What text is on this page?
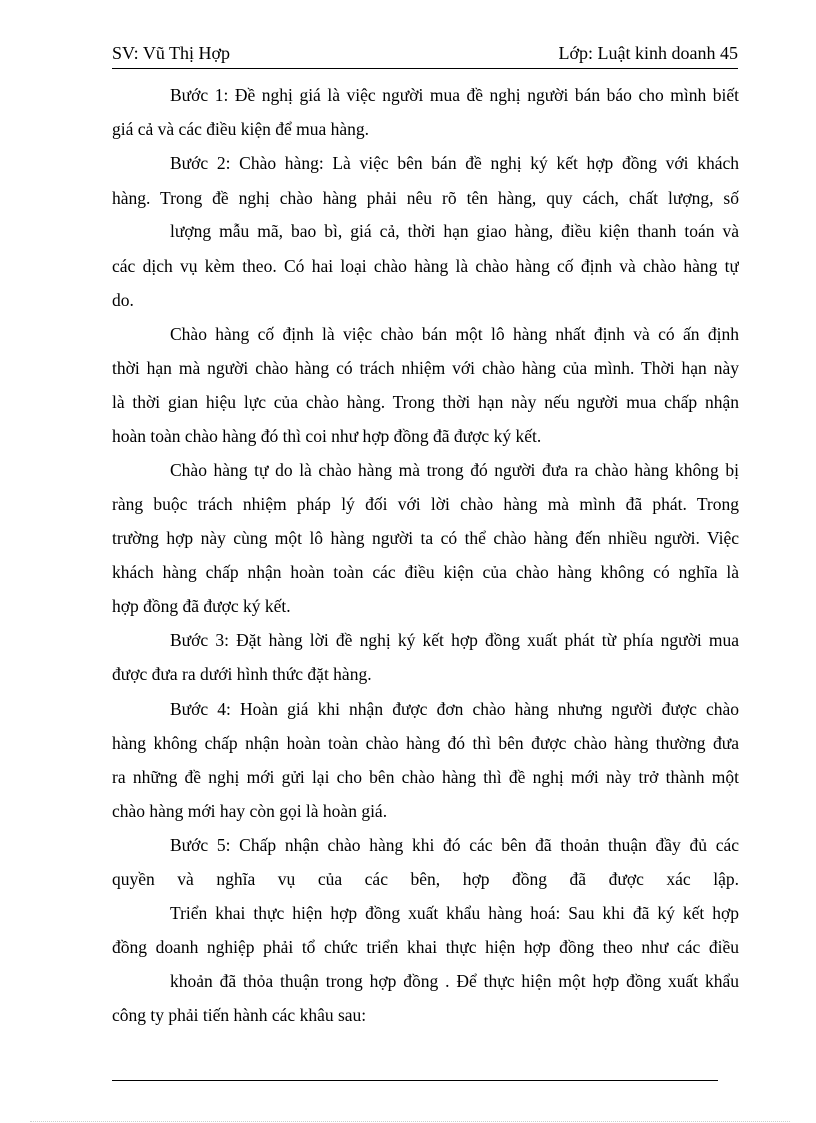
SV: Vũ Thị Hợp	Lớp: Luật kinh doanh 45
Bước 1: Đề nghị giá là việc người mua đề nghị người bán báo cho mình biết
giá cả và các điều kiện để mua hàng.
Bước 2: Chào hàng: Là việc bên bán đề nghị ký kết hợp đồng với khách
hàng. Trong đề nghị chào hàng phải nêu rõ tên hàng, quy cách, chất lượng, số
lượng mẫu mã, bao bì, giá cả, thời hạn giao hàng, điều kiện thanh toán và
các dịch vụ kèm theo. Có hai loại chào hàng là chào hàng cố định và chào hàng tự
do.
Chào hàng cố định là việc chào bán một lô hàng nhất định và có ấn định
thời hạn mà người chào hàng có trách nhiệm với chào hàng của mình. Thời hạn này
là thời gian hiệu lực của chào hàng. Trong thời hạn này nếu người mua chấp nhận
hoàn toàn chào hàng đó thì coi như hợp đồng đã được ký kết.
Chào hàng tự do là chào hàng mà trong đó người đưa ra chào hàng không bị
ràng buộc trách nhiệm pháp lý đối với lời chào hàng mà mình đã phát. Trong
trường hợp này cùng một lô hàng người ta có thể chào hàng đến nhiều người. Việc
khách hàng chấp nhận hoàn toàn các điều kiện của chào hàng không có nghĩa là
hợp đồng đã được ký kết.
Bước 3: Đặt hàng lời đề nghị ký kết hợp đồng xuất phát từ phía người mua
được đưa ra dưới hình thức đặt hàng.
Bước 4: Hoàn giá khi nhận được đơn chào hàng nhưng người được chào
hàng không chấp nhận hoàn toàn chào hàng đó thì bên được chào hàng thường đưa
ra những đề nghị mới gửi lại cho bên chào hàng thì đề nghị mới này trở thành một
chào hàng mới hay còn gọi là hoàn giá.
Bước 5: Chấp nhận chào hàng khi đó các bên đã thoản thuận đầy đủ các
quyền và nghĩa vụ của các bên, hợp đồng đã được xác lập.
Triển khai thực hiện hợp đồng xuất khẩu hàng hoá: Sau khi đã ký kết hợp
đồng doanh nghiệp phải tổ chức triển khai thực hiện hợp đồng theo như các điều
khoản đã thỏa thuận trong hợp đồng . Để thực hiện một hợp đồng xuất khẩu
công ty phải tiến hành các khâu sau:
